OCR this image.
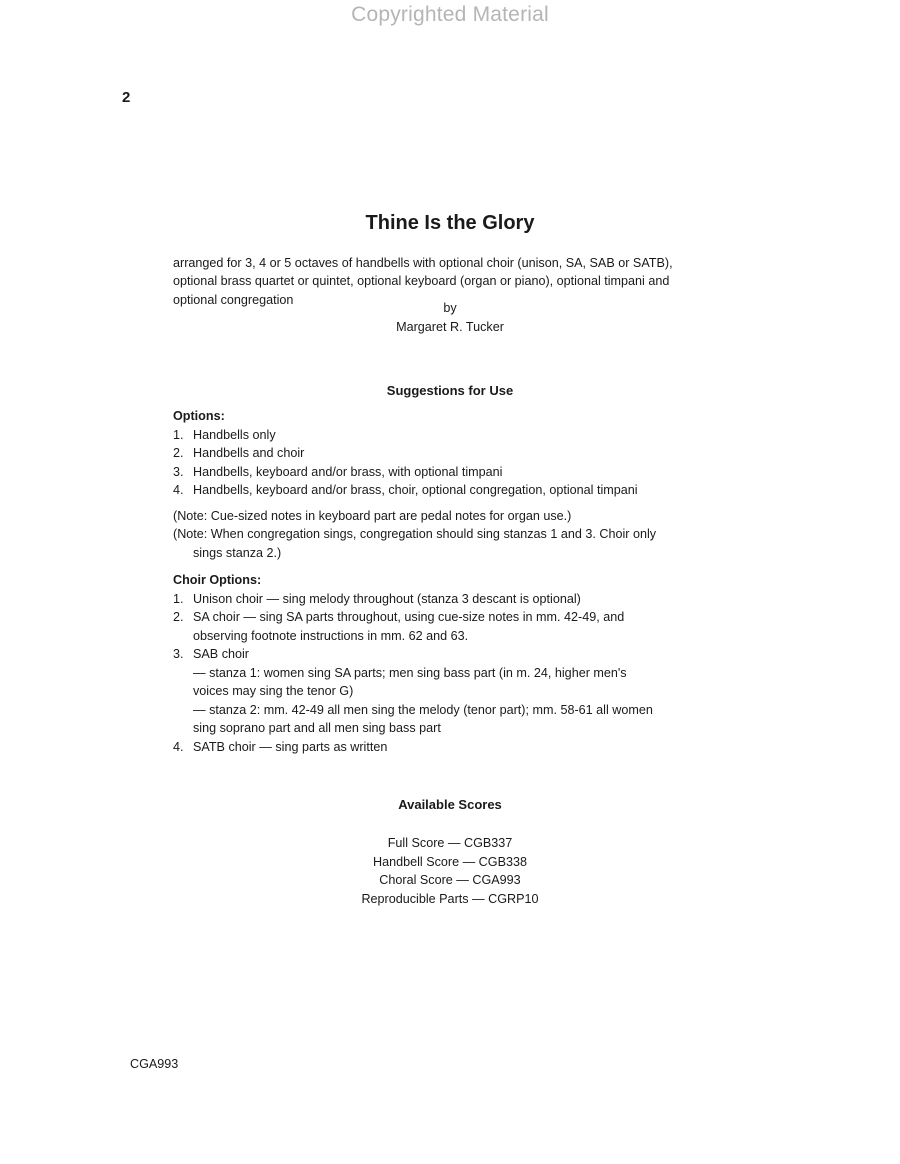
Copyrighted Material
2
Thine Is the Glory
arranged for 3, 4 or 5 octaves of handbells with optional choir (unison, SA, SAB or SATB),
optional brass quartet or quintet, optional keyboard (organ or piano), optional timpani and
optional congregation
by
Margaret R. Tucker
Suggestions for Use
Options:
1. Handbells only
2. Handbells and choir
3. Handbells, keyboard and/or brass, with optional timpani
4. Handbells, keyboard and/or brass, choir, optional congregation, optional timpani
(Note: Cue-sized notes in keyboard part are pedal notes for organ use.)
(Note: When congregation sings, congregation should sing stanzas 1 and 3. Choir only
sings stanza 2.)
Choir Options:
1. Unison choir — sing melody throughout (stanza 3 descant is optional)
2. SA choir — sing SA parts throughout, using cue-size notes in mm. 42-49, and
observing footnote instructions in mm. 62 and 63.
3. SAB choir
— stanza 1: women sing SA parts; men sing bass part (in m. 24, higher men's
voices may sing the tenor G)
— stanza 2: mm. 42-49 all men sing the melody (tenor part); mm. 58-61 all women
sing soprano part and all men sing bass part
4. SATB choir — sing parts as written
Available Scores
Full Score — CGB337
Handbell Score — CGB338
Choral Score — CGA993
Reproducible Parts — CGRP10
CGA993
